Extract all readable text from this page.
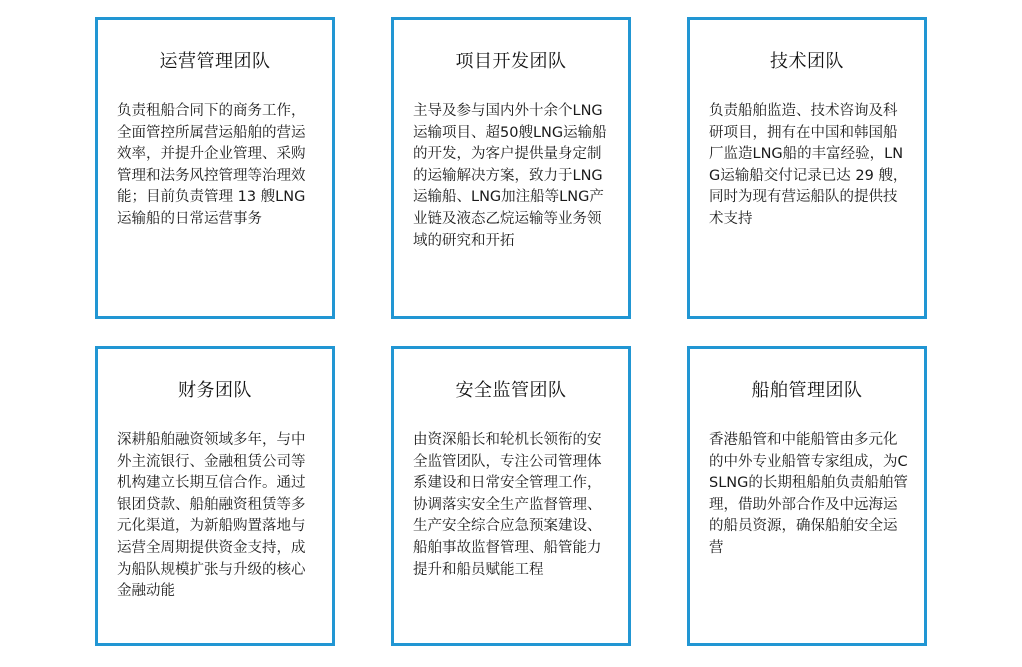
运营管理团队
负责租船合同下的商务工作，全面管控所属营运船舶的营运效率，并提升企业管理、采购管理和法务风控管理等治理效能；目前负责管理 13 艘LNG运输船的日常运营事务
项目开发团队
主导及参与国内外十余个LNG运输项目、超50艘LNG运输船的开发，为客户提供量身定制的运输解决方案，致力于LNG运输船、LNG加注船等LNG产业链及液态乙烷运输等业务领域的研究和开拓
技术团队
负责船舶监造、技术咨询及科研项目，拥有在中国和韩国船厂监造LNG船的丰富经验，LNG运输船交付记录已达 29 艘，同时为现有营运船队的提供技术支持
财务团队
深耕船舶融资领域多年，与中外主流银行、金融租赁公司等机构建立长期互信合作。通过银团贷款、船舶融资租赁等多元化渠道，为新船购置落地与运营全周期提供资金支持，成为船队规模扩张与升级的核心金融动能
安全监管团队
由资深船长和轮机长领衔的安全监管团队，专注公司管理体系建设和日常安全管理工作，协调落实安全生产监督管理、生产安全综合应急预案建设、船舶事故监督管理、船管能力提升和船员赋能工程
船舶管理团队
香港船管和中能船管由多元化的中外专业船管专家组成，为CSLNG的长期租船舶负责船舶管理，借助外部合作及中远海运的船员资源，确保船舶安全运营
